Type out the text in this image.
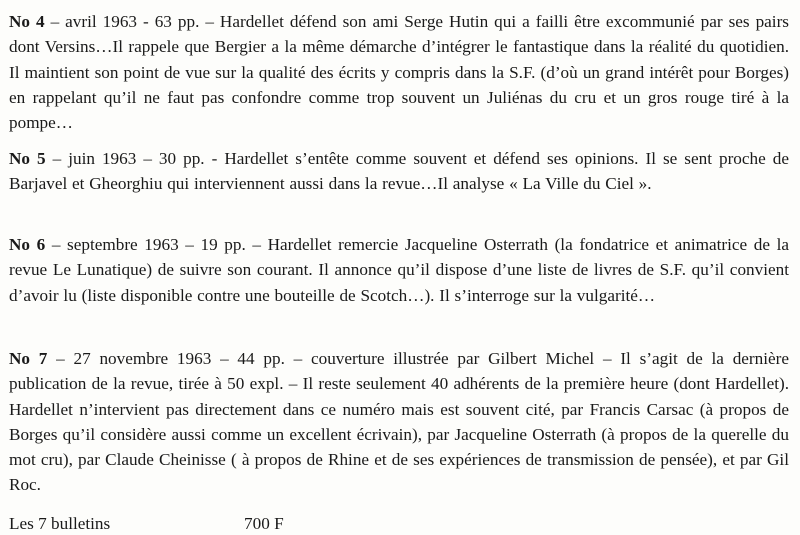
No 4 – avril 1963 - 63 pp. – Hardellet défend son ami Serge Hutin qui a failli être excommunié par ses pairs dont Versins…Il rappele que Bergier a la même démarche d’intégrer le fantastique dans la réalité du quotidien. Il maintient son point de vue sur la qualité des écrits y compris dans la S.F. (d’où un grand intérêt pour Borges) en rappelant qu’il ne faut pas confondre comme trop souvent un Juliénas du cru et un gros rouge tiré à la pompe…

No 5 – juin 1963 – 30 pp. - Hardellet s’entête comme souvent et défend ses opinions. Il se sent proche de Barjavel et Gheorghiu qui interviennent aussi dans la revue…Il analyse « La Ville du Ciel ».

No 6 – septembre 1963 – 19 pp. – Hardellet remercie Jacqueline Osterrath (la fondatrice et animatrice de la revue Le Lunatique) de suivre son courant. Il annonce qu’il dispose d’une liste de livres de S.F. qu’il convient d’avoir lu (liste disponible contre une bouteille de Scotch…). Il s’interroge sur la vulgarité…

No 7 – 27 novembre 1963 – 44 pp. – couverture illustrée par Gilbert Michel – Il s’agit de la dernière publication de la revue, tirée à 50 expl. – Il reste seulement 40 adhérents de la première heure (dont Hardellet). Hardellet n’intervient pas directement dans ce numéro mais est souvent cité, par Francis Carsac (à propos de Borges qu’il considère aussi comme un excellent écrivain), par Jacqueline Osterrath (à propos de la querelle du mot cru), par Claude Cheinisse ( à propos de Rhine et de ses expériences de transmission de pensée), et par Gil Roc.

Les 7 bulletins	700 F
